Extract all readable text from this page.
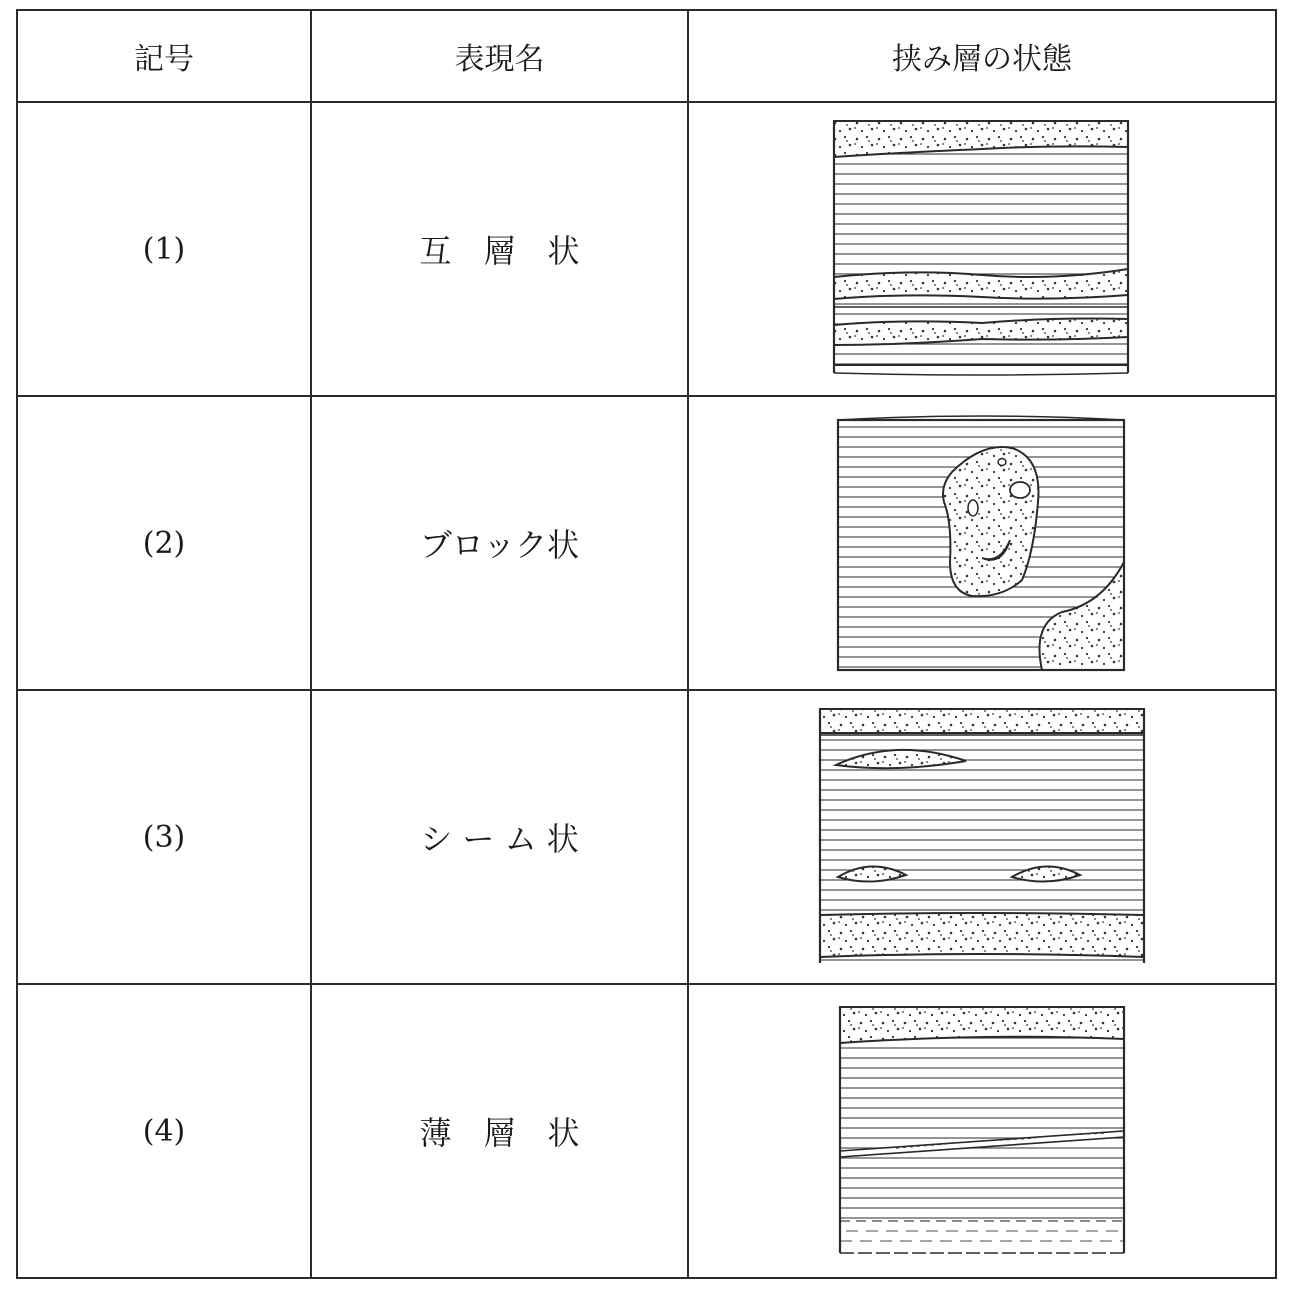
記号	表現名	挟み層の状態
(1)	互　層　状	

(2)	ブロック状	

(3)	シ ー ム 状	

(4)	薄　層　状	
